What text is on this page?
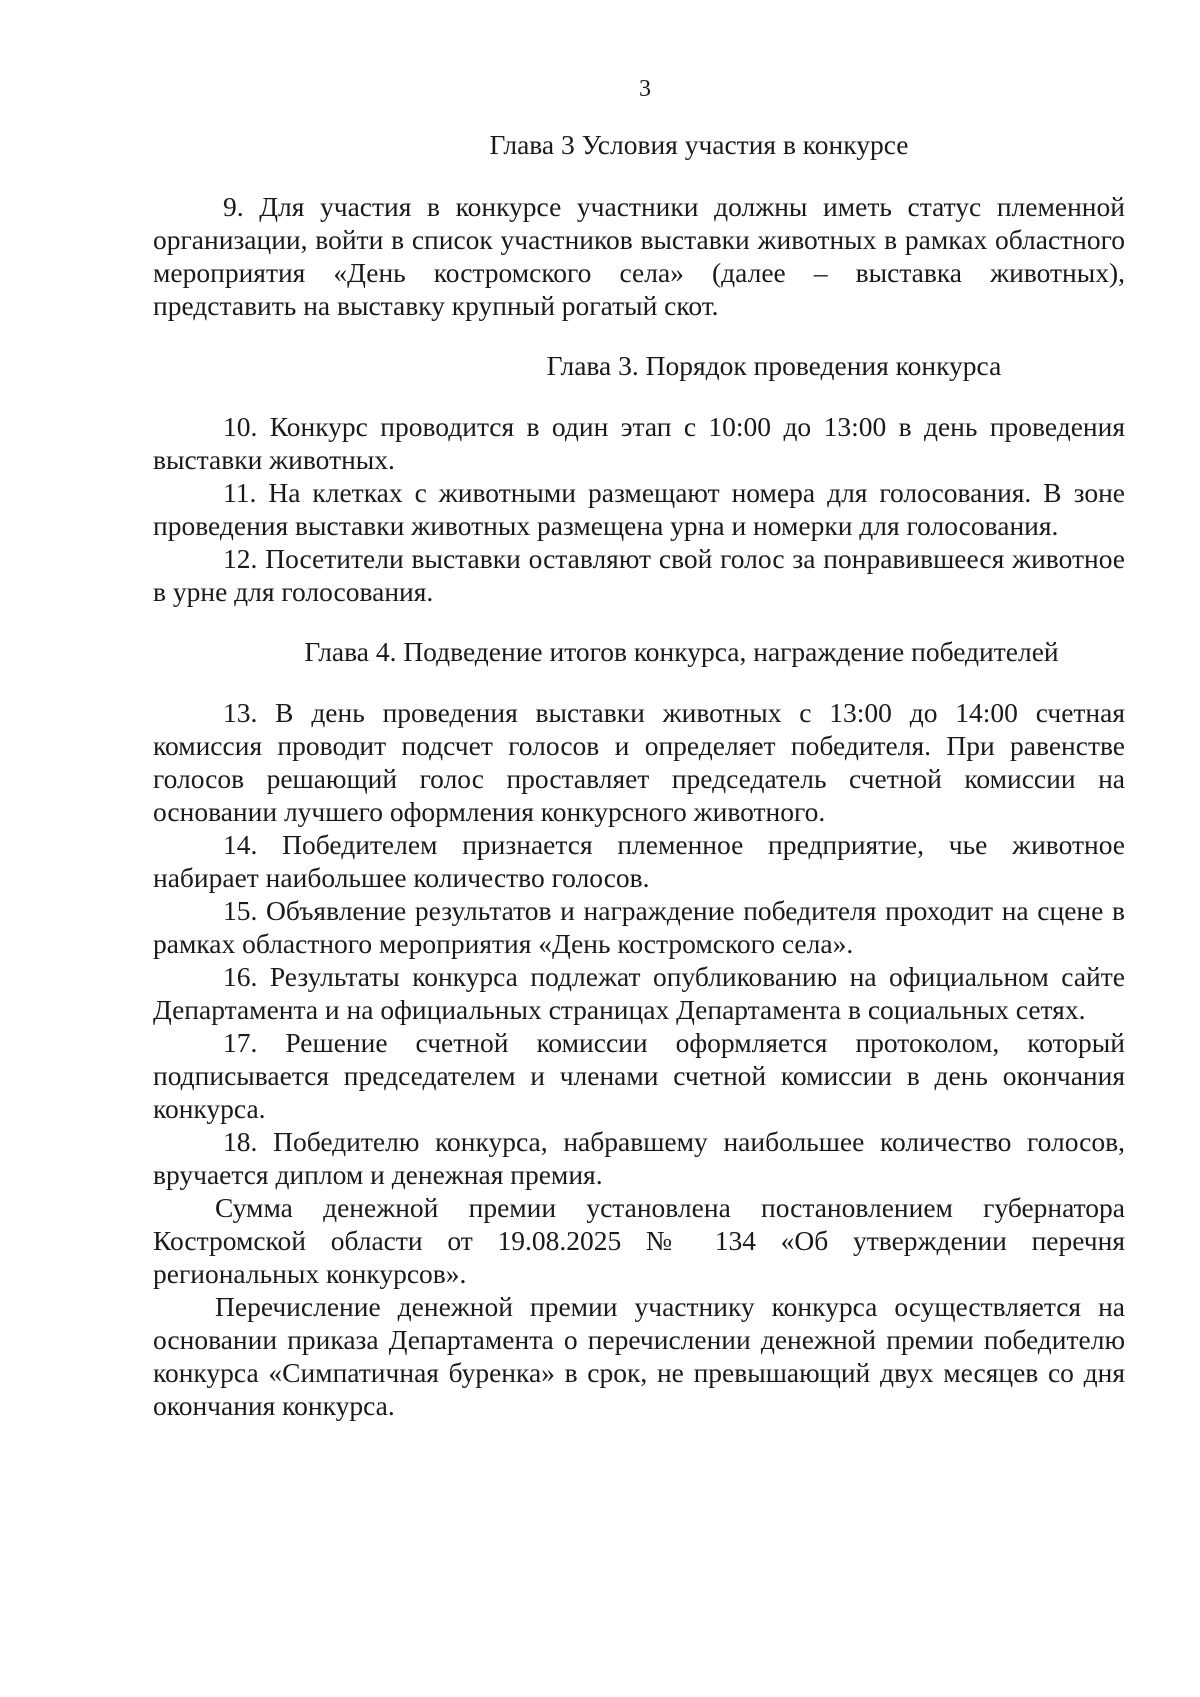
3
Глава 3 Условия участия в конкурсе

9. Для участия в конкурсе участники должны иметь статус племенной организации, войти в список участников выставки животных в рамках областного мероприятия «День костромского села» (далее – выставка животных), представить на выставку крупный рогатый скот.

Глава 3. Порядок проведения конкурса

10. Конкурс проводится в один этап с 10:00 до 13:00 в день проведения выставки животных.

11. На клетках с животными размещают номера для голосования. В зоне проведения выставки животных размещена урна и номерки для голосования.

12. Посетители выставки оставляют свой голос за понравившееся животное в урне для голосования.

Глава 4. Подведение итогов конкурса, награждение победителей

13. В день проведения выставки животных с 13:00 до 14:00 счетная комиссия проводит подсчет голосов и определяет победителя. При равенстве голосов решающий голос проставляет председатель счетной комиссии на основании лучшего оформления конкурсного животного.

14. Победителем признается племенное предприятие, чье животное набирает наибольшее количество голосов.

15. Объявление результатов и награждение победителя проходит на сцене в рамках областного мероприятия «День костромского села».

16. Результаты конкурса подлежат опубликованию на официальном сайте Департамента и на официальных страницах Департамента в социальных сетях.

17. Решение счетной комиссии оформляется протоколом, который подписывается председателем и членами счетной комиссии в день окончания конкурса.

18. Победителю конкурса, набравшему наибольшее количество голосов, вручается диплом и денежная премия.

Сумма денежной премии установлена постановлением губернатора Костромской области от 19.08.2025 № 134 «Об утверждении перечня региональных конкурсов».

Перечисление денежной премии участнику конкурса осуществляется на основании приказа Департамента о перечислении денежной премии победителю конкурса «Симпатичная буренка» в срок, не превышающий двух месяцев со дня окончания конкурса.
